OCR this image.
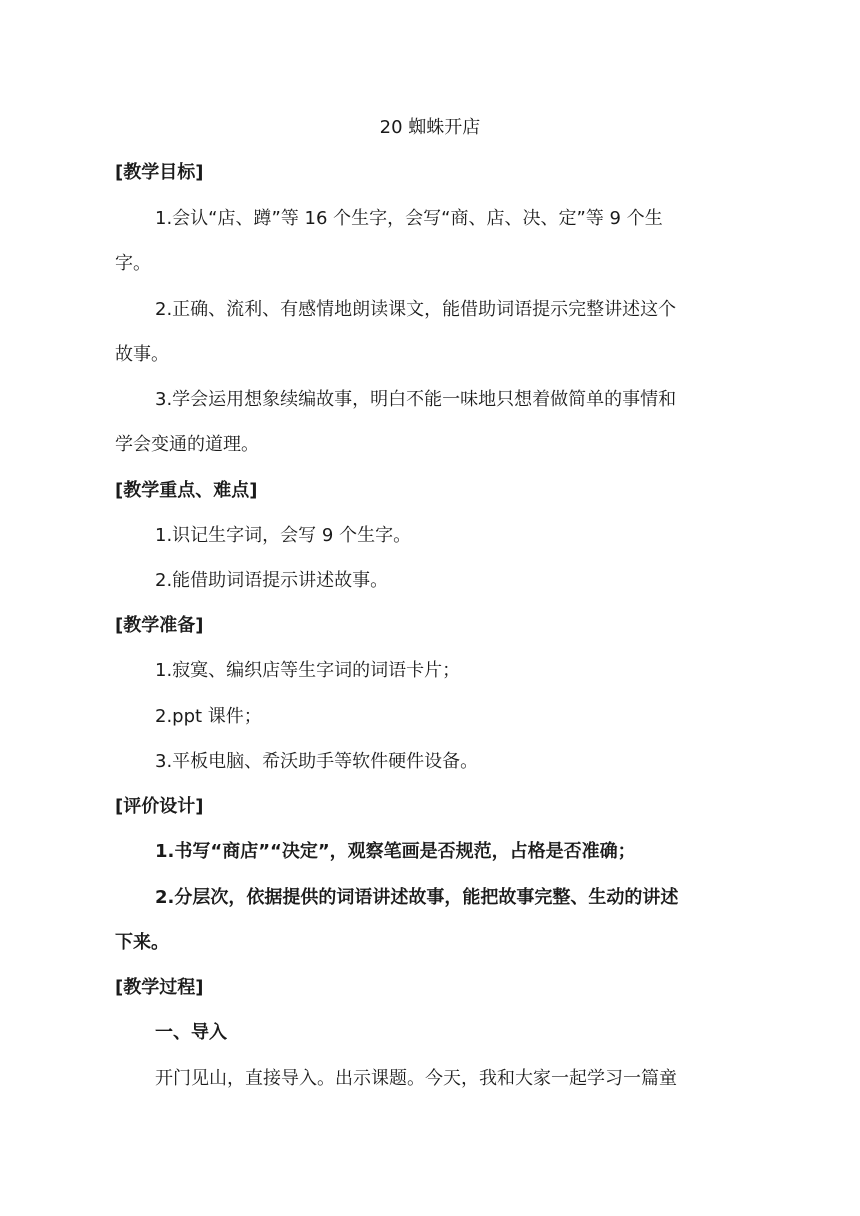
20 蜘蛛开店
[教学目标]
1.会认“店、蹲”等 16 个生字，会写“商、店、决、定”等 9 个生
字。
2.正确、流利、有感情地朗读课文，能借助词语提示完整讲述这个
故事。
3.学会运用想象续编故事，明白不能一味地只想着做简单的事情和
学会变通的道理。
[教学重点、难点]
1.识记生字词，会写 9 个生字。
2.能借助词语提示讲述故事。
[教学准备]
1.寂寞、编织店等生字词的词语卡片；
2.ppt 课件；
3.平板电脑、希沃助手等软件硬件设备。
[评价设计]
1.书写“商店”“决定”，观察笔画是否规范，占格是否准确；
2.分层次，依据提供的词语讲述故事，能把故事完整、生动的讲述
下来。
[教学过程]
一、导入
开门见山，直接导入。出示课题。今天，我和大家一起学习一篇童
